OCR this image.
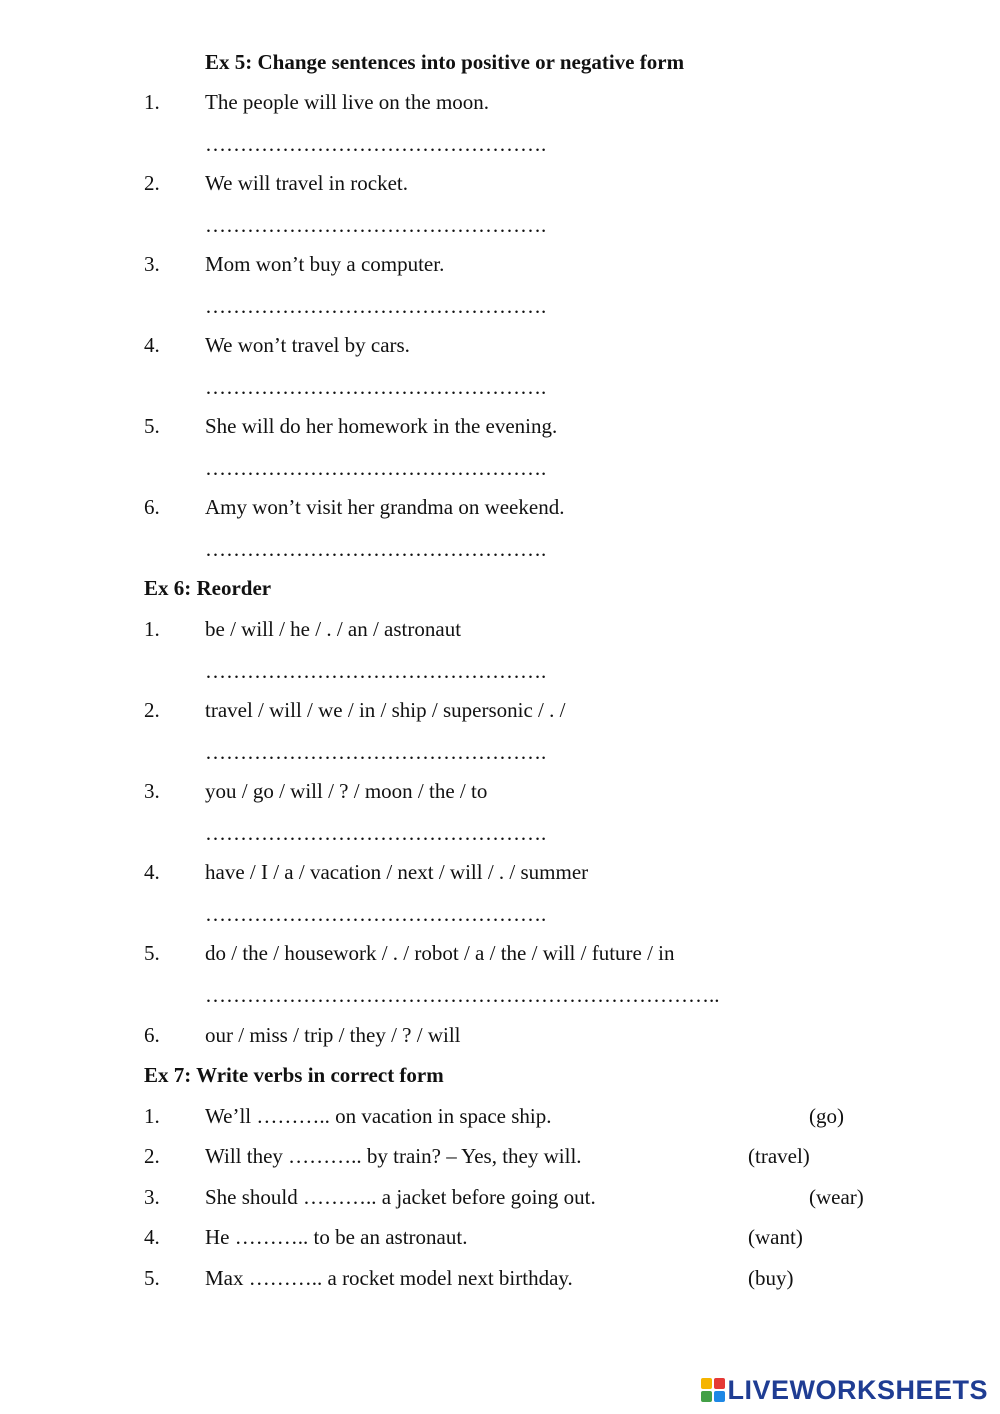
Ex 5: Change sentences into positive or negative form
1. The people will live on the moon.
………………………………………….
2. We will travel in rocket.
………………………………………….
3. Mom won’t buy a computer.
………………………………………….
4. We won’t travel by cars.
………………………………………….
5. She will do her homework in the evening.
………………………………………….
6. Amy won’t visit her grandma on weekend.
………………………………………….
Ex 6: Reorder
1. be / will / he / . / an / astronaut
………………………………………….
2. travel / will / we / in / ship / supersonic / . /
………………………………………….
3. you / go / will / ? / moon / the / to
………………………………………….
4. have / I / a / vacation / next / will / . / summer
………………………………………….
5. do / the / housework / . / robot / a / the / will / future / in
………………………………………………………………..
6. our / miss / trip / they / ? / will
Ex 7: Write verbs in correct form
1. We’ll ……….. on vacation in space ship.	(go)
2. Will they ……….. by train? – Yes, they will.	(travel)
3. She should ……….. a jacket before going out.	(wear)
4. He ……….. to be an astronaut.	(want)
5. Max ……….. a rocket model next birthday.	(buy)
LIVEWORKSHEETS
